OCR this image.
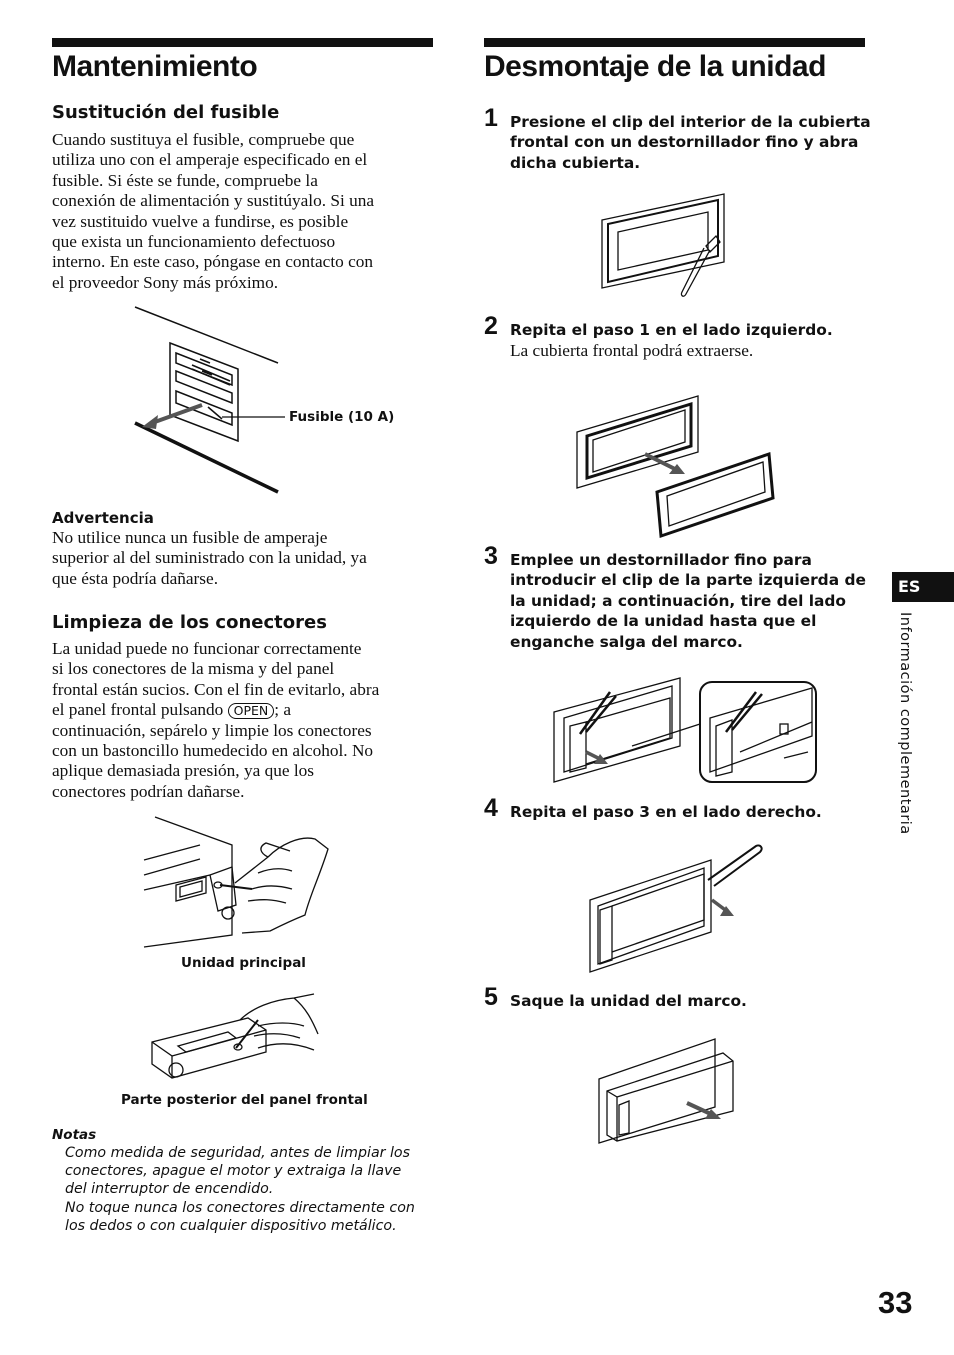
Mantenimiento
Sustitución del fusible
Cuando sustituya el fusible, compruebe que
utiliza uno con el amperaje especificado en el
fusible. Si éste se funde, compruebe la
conexión de alimentación y sustitúyalo. Si una
vez sustituido vuelve a fundirse, es posible
que exista un funcionamiento defectuoso
interno. En este caso, póngase en contacto con
el proveedor Sony más próximo.
Fusible (10 A)
Advertencia
No utilice nunca un fusible de amperaje
superior al del suministrado con la unidad, ya
que ésta podría dañarse.
Limpieza de los conectores
La unidad puede no funcionar correctamente
si los conectores de la misma y del panel
frontal están sucios. Con el fin de evitarlo, abra
el panel frontal pulsando OPEN ; a
continuación, sepárelo y limpie los conectores
con un bastoncillo humedecido en alcohol. No
aplique demasiada presión, ya que los
conectores podrían dañarse.
Unidad principal
Parte posterior del panel frontal
Notas
Como medida de seguridad, antes de limpiar los
conectores, apague el motor y extraiga la llave
del interruptor de encendido.
No toque nunca los conectores directamente con
los dedos o con cualquier dispositivo metálico.
Desmontaje de la unidad
1 Presione el clip del interior de la cubierta
frontal con un destornillador fino y abra
dicha cubierta.
2 Repita el paso 1 en el lado izquierdo.
La cubierta frontal podrá extraerse.
3 Emplee un destornillador fino para
introducir el clip de la parte izquierda de
la unidad; a continuación, tire del lado
izquierdo de la unidad hasta que el
enganche salga del marco.
4 Repita el paso 3 en el lado derecho.
5 Saque la unidad del marco.
ES
Información complementaria
33
